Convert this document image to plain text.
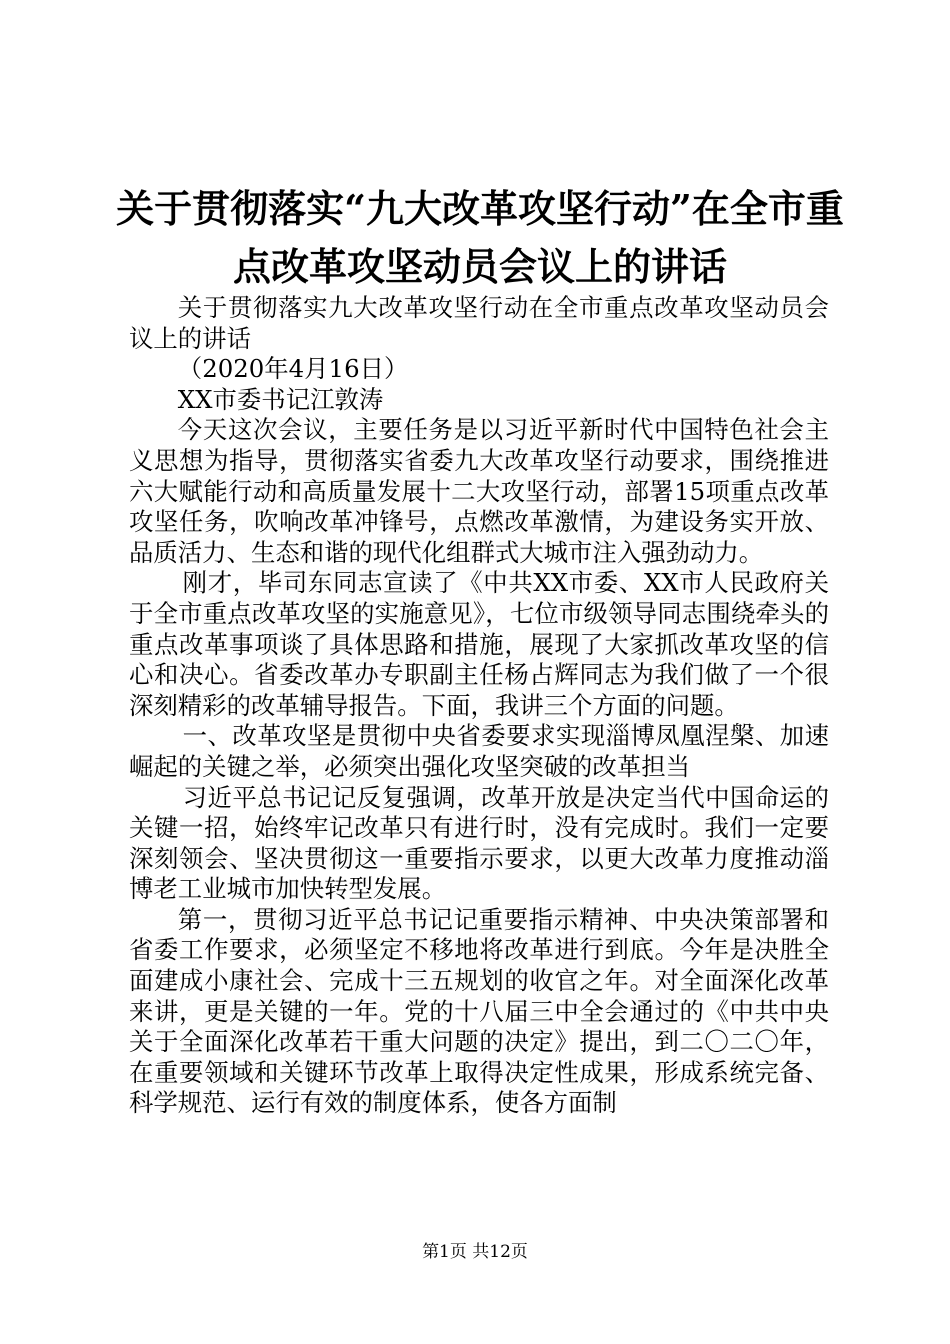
关于贯彻落实“九大改革攻坚行动”在全市重
点改革攻坚动员会议上的讲话

关于贯彻落实九大改革攻坚行动在全市重点改革攻坚动员会议上的讲话

（2020年4月16日）

XX市委书记江敦涛

今天这次会议，主要任务是以习近平新时代中国特色社会主义思想为指导，贯彻落实省委九大改革攻坚行动要求，围绕推进六大赋能行动和高质量发展十二大攻坚行动，部署15项重点改革攻坚任务，吹响改革冲锋号，点燃改革激情，为建设务实开放、品质活力、生态和谐的现代化组群式大城市注入强劲动力。

刚才，毕司东同志宣读了《中共XX市委、XX市人民政府关于全市重点改革攻坚的实施意见》，七位市级领导同志围绕牵头的重点改革事项谈了具体思路和措施，展现了大家抓改革攻坚的信心和决心。省委改革办专职副主任杨占辉同志为我们做了一个很深刻精彩的改革辅导报告。下面，我讲三个方面的问题。

一、改革攻坚是贯彻中央省委要求实现淄博凤凰涅槃、加速崛起的关键之举，必须突出强化攻坚突破的改革担当

习近平总书记记反复强调，改革开放是决定当代中国命运的关键一招，始终牢记改革只有进行时，没有完成时。我们一定要深刻领会、坚决贯彻这一重要指示要求，以更大改革力度推动淄博老工业城市加快转型发展。

第一，贯彻习近平总书记记重要指示精神、中央决策部署和省委工作要求，必须坚定不移地将改革进行到底。今年是决胜全面建成小康社会、完成十三五规划的收官之年。对全面深化改革来讲，更是关键的一年。党的十八届三中全会通过的《中共中央关于全面深化改革若干重大问题的决定》提出，到二〇二〇年，在重要领域和关键环节改革上取得决定性成果，形成系统完备、科学规范、运行有效的制度体系，使各方面制

第1页 共12页
